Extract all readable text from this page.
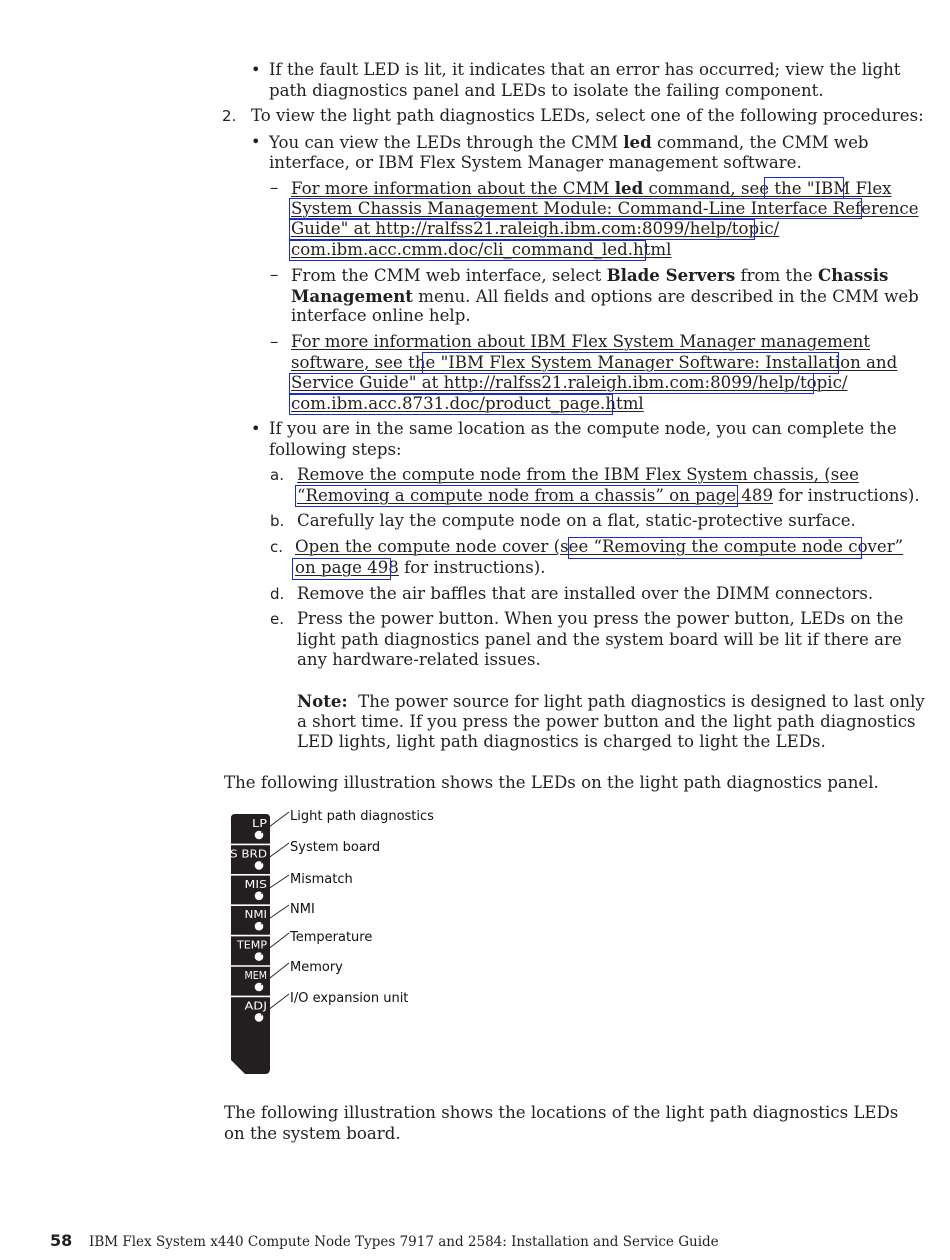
• If the fault LED is lit, it indicates that an error has occurred; view the light
path diagnostics panel and LEDs to isolate the failing component.
2. To view the light path diagnostics LEDs, select one of the following procedures:
• You can view the LEDs through the CMM led command, the CMM web
interface, or IBM Flex System Manager management software.
– For more information about the CMM led command, see the "IBM Flex
System Chassis Management Module: Command-Line Interface Reference
Guide" at http://ralfss21.raleigh.ibm.com:8099/help/topic/
com.ibm.acc.cmm.doc/cli_command_led.html
– From the CMM web interface, select Blade Servers from the Chassis
Management menu. All fields and options are described in the CMM web
interface online help.
– For more information about IBM Flex System Manager management
software, see the "IBM Flex System Manager Software: Installation and
Service Guide" at http://ralfss21.raleigh.ibm.com:8099/help/topic/
com.ibm.acc.8731.doc/product_page.html
• If you are in the same location as the compute node, you can complete the
following steps:
a. Remove the compute node from the IBM Flex System chassis, (see
“Removing a compute node from a chassis” on page 489 for instructions).
b. Carefully lay the compute node on a flat, static-protective surface.
c. Open the compute node cover (see “Removing the compute node cover”
on page 498 for instructions).
d. Remove the air baffles that are installed over the DIMM connectors.
e. Press the power button. When you press the power button, LEDs on the
light path diagnostics panel and the system board will be lit if there are
any hardware-related issues.
Note: The power source for light path diagnostics is designed to last only
a short time. If you press the power button and the light path diagnostics
LED lights, light path diagnostics is charged to light the LEDs.
The following illustration shows the LEDs on the light path diagnostics panel.
LP
S BRD
MIS
NMI
TEMP
MEM
ADJ
Light path diagnostics
System board
Mismatch
NMI
Temperature
Memory
I/O expansion unit
The following illustration shows the locations of the light path diagnostics LEDs
on the system board.
58 IBM Flex System x440 Compute Node Types 7917 and 2584: Installation and Service Guide
